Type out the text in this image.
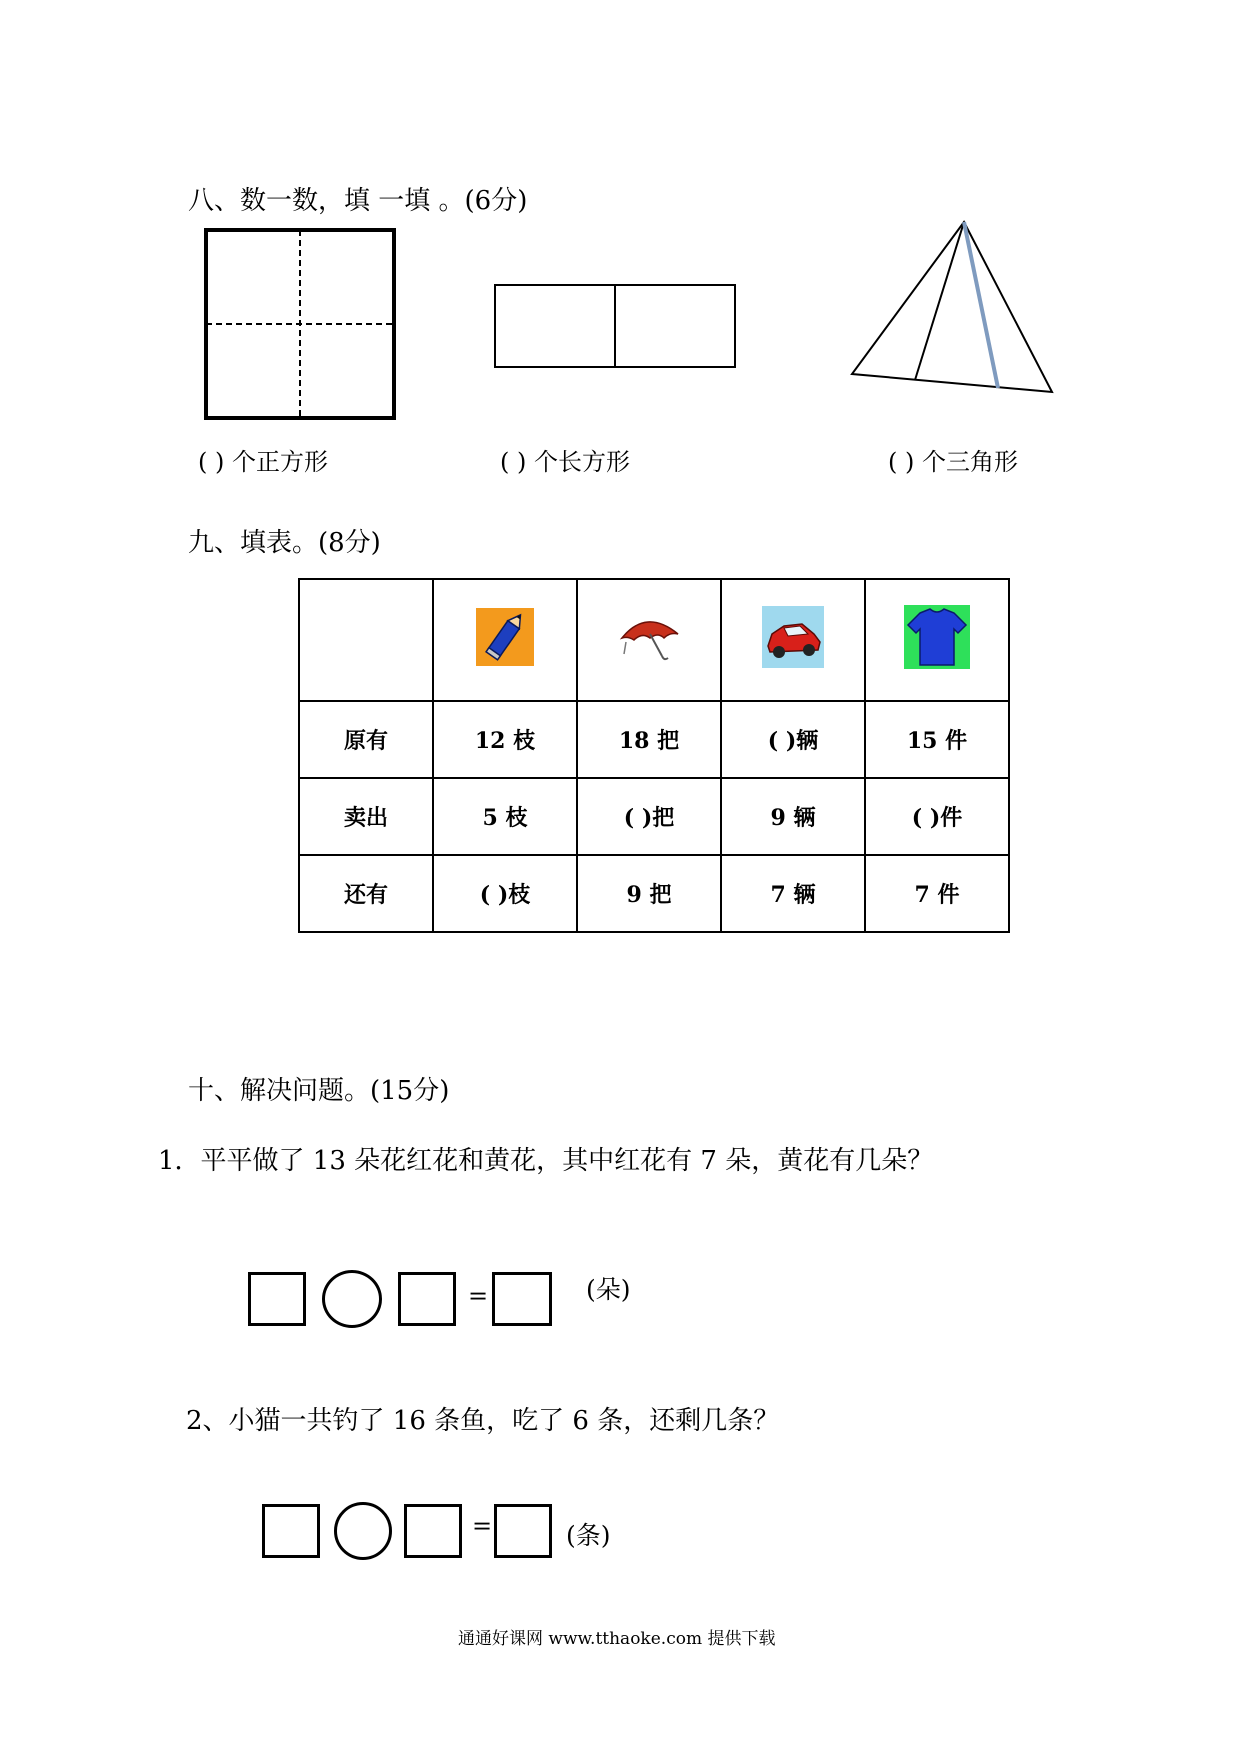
八、数一数，填 一填 。(6分)
( ) 个正方形	( ) 个长方形	( ) 个三角形
九、填表。(8分)

原有	12 枝	18 把	( )辆	15 件
卖出	5 枝	( )把	9 辆	( )件
还有	( )枝	9 把	7 辆	7 件
十、解决问题。(15分)
1．平平做了 13 朵花红花和黄花，其中红花有 7 朵，黄花有几朵？
=	(朵)
2、小猫一共钓了 16 条鱼，吃了 6 条，还剩几条？
=	(条)
通通好课网 www.tthaoke.com 提供下载
